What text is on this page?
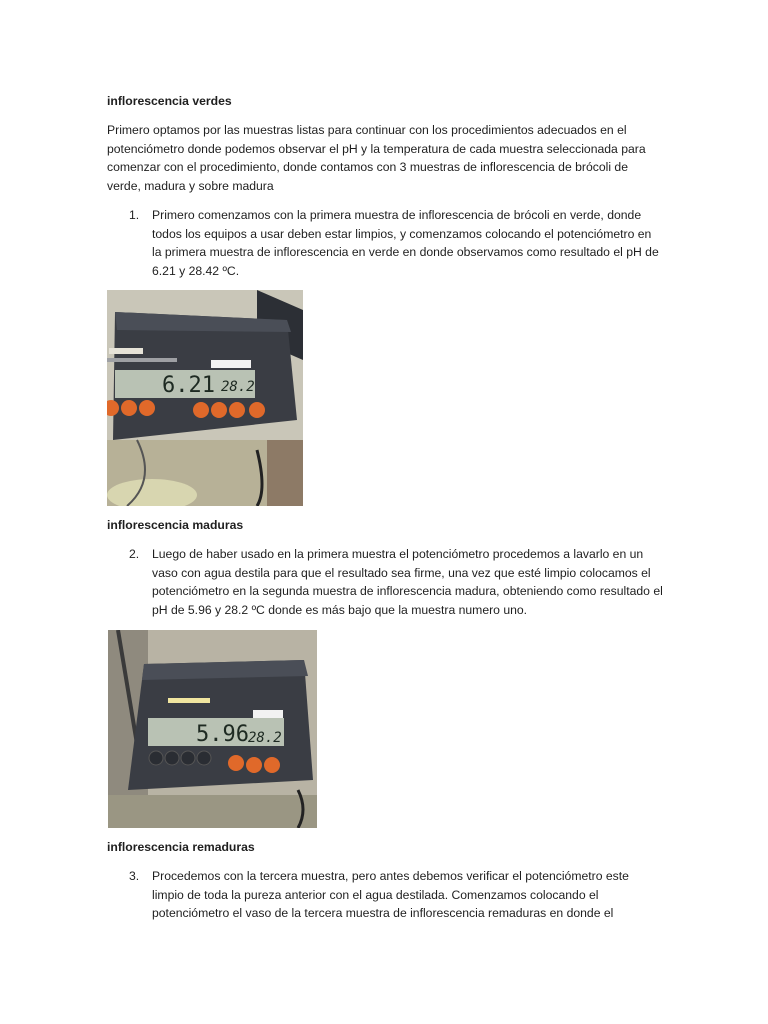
inflorescencia verdes
Primero optamos por las muestras listas para continuar con los procedimientos adecuados en el potenciómetro donde podemos observar el pH y la temperatura de cada muestra seleccionada para comenzar con el procedimiento, donde contamos con 3 muestras de inflorescencia de brócoli de verde, madura y sobre madura
1. Primero comenzamos con la primera muestra de inflorescencia de brócoli en verde, donde todos los equipos a usar deben estar limpios, y comenzamos colocando el potenciómetro en la primera muestra de inflorescencia en verde en donde observamos como resultado el pH de 6.21 y 28.42 ºC.
6.21 28.2
inflorescencia maduras
2. Luego de haber usado en la primera muestra el potenciómetro procedemos a lavarlo en un vaso con agua destila para que el resultado sea firme, una vez que esté limpio colocamos el potenciómetro en la segunda muestra de inflorescencia madura, obteniendo como resultado el pH de 5.96 y 28.2 ºC donde es más bajo que la muestra numero uno.
5.96 28.2
inflorescencia remaduras
3. Procedemos con la tercera muestra, pero antes debemos verificar el potenciómetro este limpio de toda la pureza anterior con el agua destilada. Comenzamos colocando el potenciómetro el vaso de la tercera muestra de inflorescencia remaduras en donde el
